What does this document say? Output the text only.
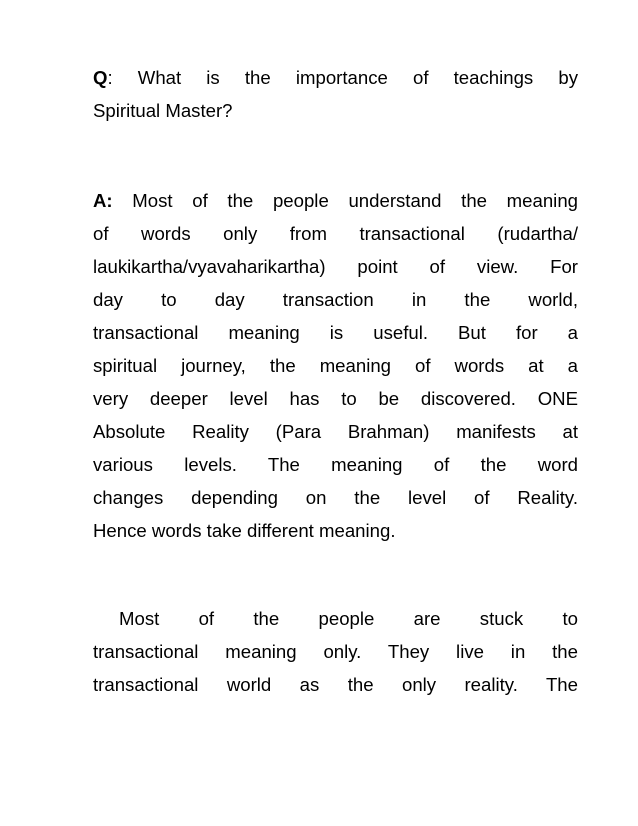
Q: What is the importance of teachings by
Spiritual Master?
A: Most of the people understand the meaning
of words only from transactional (rudartha/
laukikartha/vyavaharikartha) point of view. For
day to day transaction in the world,
transactional meaning is useful. But for a
spiritual journey, the meaning of words at a
very deeper level has to be discovered. ONE
Absolute Reality (Para Brahman) manifests at
various levels. The meaning of the word
changes depending on the level of Reality.
Hence words take different meaning.
Most of the people are stuck to
transactional meaning only. They live in the
transactional world as the only reality. The
